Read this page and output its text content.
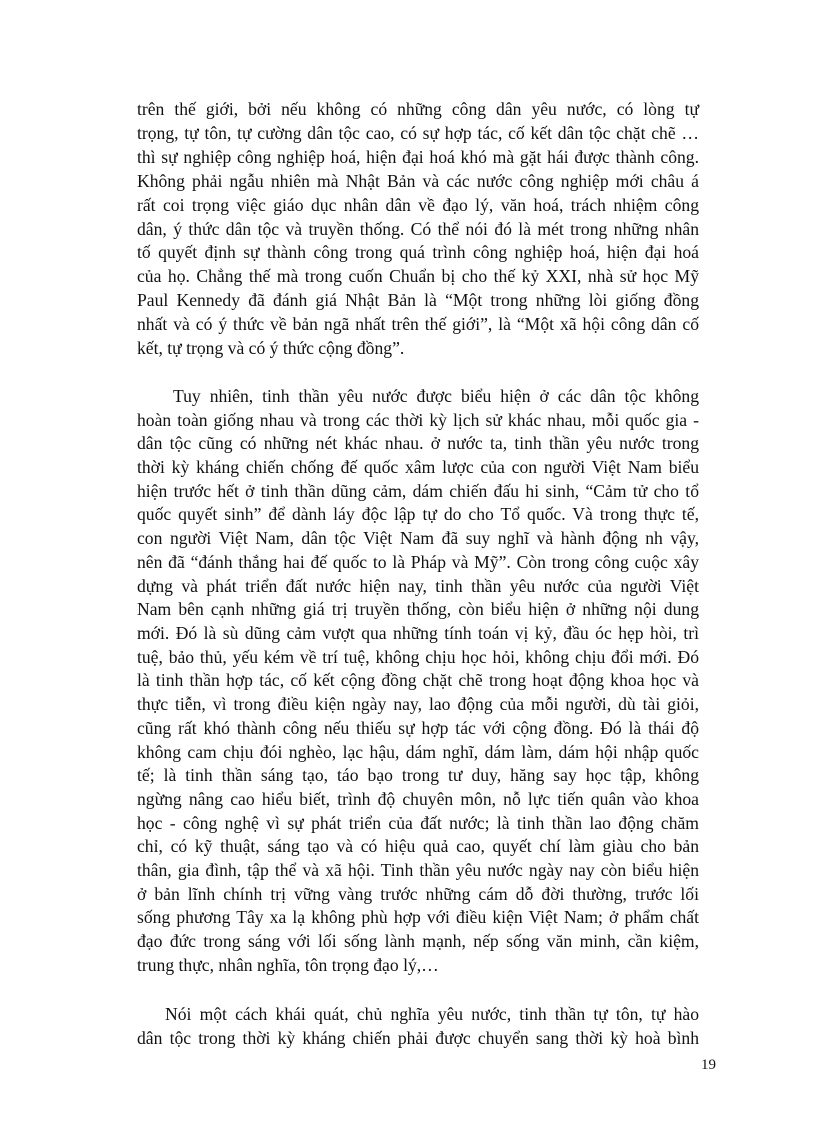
trên thế giới, bởi nếu không có những công dân yêu nước, có lòng tự
trọng, tự tôn, tự cường dân tộc cao, có sự hợp tác, cố kết dân tộc chặt chẽ …
thì sự nghiệp công nghiệp hoá, hiện đại hoá khó mà gặt hái được thành công.
Không phải ngẫu nhiên mà Nhật Bản và các nước công nghiệp mới châu á
rất coi trọng việc giáo dục nhân dân về đạo lý, văn hoá, trách nhiệm công
dân, ý thức dân tộc và truyền thống. Có thể nói đó là mét trong những nhân
tố quyết định sự thành công trong quá trình công nghiệp hoá, hiện đại hoá
của họ. Chẳng thế mà trong cuốn Chuẩn bị cho thế kỷ XXI, nhà sử học Mỹ
Paul Kennedy đã đánh giá Nhật Bản là “Một trong những lòi giống đồng
nhất và có ý thức về bản ngã nhất trên thế giới”, là “Một xã hội công dân cố
kết, tự trọng và có ý thức cộng đồng”.

Tuy nhiên, tinh thần yêu nước được biểu hiện ở các dân tộc không
hoàn toàn giống nhau và trong các thời kỳ lịch sử khác nhau, mỗi quốc gia -
dân tộc cũng có những nét khác nhau. ở nước ta, tinh thần yêu nước trong
thời kỳ kháng chiến chống đế quốc xâm lược của con người Việt Nam biểu
hiện trước hết ở tinh thần dũng cảm, dám chiến đấu hi sinh, “Cảm tử cho tổ
quốc quyết sinh” để dành láy độc lập tự do cho Tổ quốc. Và trong thực tế,
con người Việt Nam, dân tộc Việt Nam đã suy nghĩ và hành động nh vậy,
nên đã “đánh thắng hai đế quốc to là Pháp và Mỹ”. Còn trong công cuộc xây
dựng và phát triển đất nước hiện nay, tinh thần yêu nước của người Việt
Nam bên cạnh những giá trị truyền thống, còn biểu hiện ở những nội dung
mới. Đó là sù dũng cảm vượt qua những tính toán vị kỷ, đầu óc hẹp hòi, trì
tuệ, bảo thủ, yếu kém về trí tuệ, không chịu học hỏi, không chịu đổi mới. Đó
là tinh thần hợp tác, cố kết cộng đồng chặt chẽ trong hoạt động khoa học và
thực tiễn, vì trong điều kiện ngày nay, lao động của mỗi người, dù tài giỏi,
cũng rất khó thành công nếu thiếu sự hợp tác với cộng đồng. Đó là thái độ
không cam chịu đói nghèo, lạc hậu, dám nghĩ, dám làm, dám hội nhập quốc
tế; là tinh thần sáng tạo, táo bạo trong tư duy, hăng say học tập, không
ngừng nâng cao hiểu biết, trình độ chuyên môn, nỗ lực tiến quân vào khoa
học - công nghệ vì sự phát triển của đất nước; là tinh thần lao động chăm
chỉ, có kỹ thuật, sáng tạo và có hiệu quả cao, quyết chí làm giàu cho bản
thân, gia đình, tập thể và xã hội. Tinh thần yêu nước ngày nay còn biểu hiện
ở bản lĩnh chính trị vững vàng trước những cám dỗ đời thường, trước lối
sống phương Tây xa lạ không phù hợp với điều kiện Việt Nam; ở phẩm chất
đạo đức trong sáng với lối sống lành mạnh, nếp sống văn minh, cần kiệm,
trung thực, nhân nghĩa, tôn trọng đạo lý,…

Nói một cách khái quát, chủ nghĩa yêu nước, tinh thần tự tôn, tự hào
dân tộc trong thời kỳ kháng chiến phải được chuyển sang thời kỳ hoà bình

19
